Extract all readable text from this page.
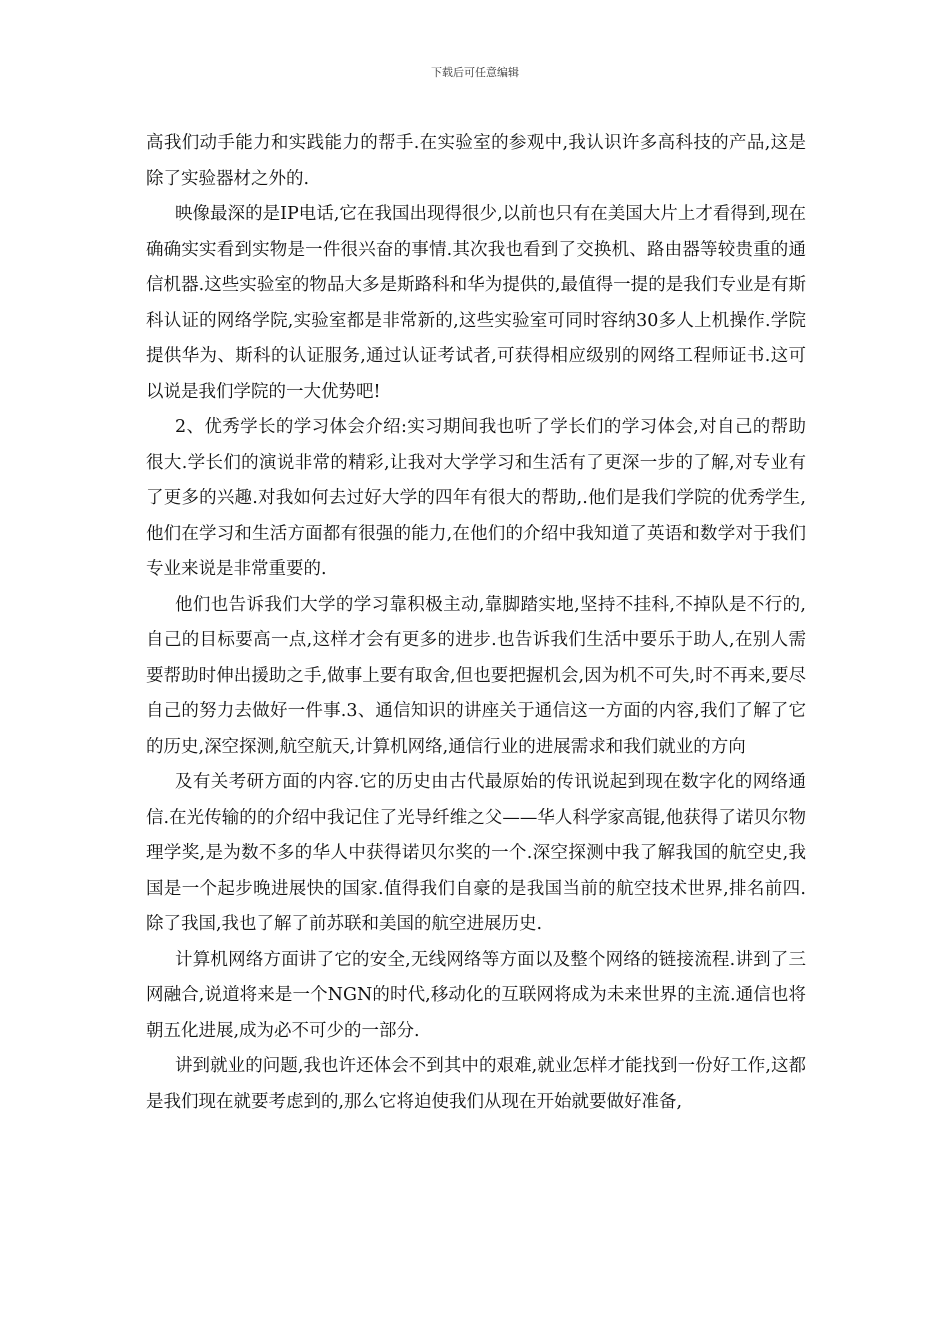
下载后可任意编辑

高我们动手能力和实践能力的帮手.在实验室的参观中,我认识许多高科技的产品,这是除了实验器材之外的.

映像最深的是IP电话,它在我国出现得很少,以前也只有在美国大片上才看得到,现在确确实实看到实物是一件很兴奋的事情.其次我也看到了交换机、路由器等较贵重的通信机器.这些实验室的物品大多是斯路科和华为提供的,最值得一提的是我们专业是有斯科认证的网络学院,实验室都是非常新的,这些实验室可同时容纳30多人上机操作.学院提供华为、斯科的认证服务,通过认证考试者,可获得相应级别的网络工程师证书.这可以说是我们学院的一大优势吧!

2、优秀学长的学习体会介绍:实习期间我也听了学长们的学习体会,对自己的帮助很大.学长们的演说非常的精彩,让我对大学学习和生活有了更深一步的了解,对专业有了更多的兴趣.对我如何去过好大学的四年有很大的帮助,.他们是我们学院的优秀学生,他们在学习和生活方面都有很强的能力,在他们的介绍中我知道了英语和数学对于我们专业来说是非常重要的.

他们也告诉我们大学的学习靠积极主动,靠脚踏实地,坚持不挂科,不掉队是不行的,自己的目标要高一点,这样才会有更多的进步.也告诉我们生活中要乐于助人,在别人需要帮助时伸出援助之手,做事上要有取舍,但也要把握机会,因为机不可失,时不再来,要尽自己的努力去做好一件事.3、通信知识的讲座关于通信这一方面的内容,我们了解了它的历史,深空探测,航空航天,计算机网络,通信行业的进展需求和我们就业的方向

及有关考研方面的内容.它的历史由古代最原始的传讯说起到现在数字化的网络通信.在光传输的的介绍中我记住了光导纤维之父——华人科学家高锟,他获得了诺贝尔物理学奖,是为数不多的华人中获得诺贝尔奖的一个.深空探测中我了解我国的航空史,我国是一个起步晚进展快的国家.值得我们自豪的是我国当前的航空技术世界,排名前四.除了我国,我也了解了前苏联和美国的航空进展历史.

计算机网络方面讲了它的安全,无线网络等方面以及整个网络的链接流程.讲到了三网融合,说道将来是一个NGN的时代,移动化的互联网将成为未来世界的主流.通信也将朝五化进展,成为必不可少的一部分.

讲到就业的问题,我也许还体会不到其中的艰难,就业怎样才能找到一份好工作,这都是我们现在就要考虑到的,那么它将迫使我们从现在开始就要做好准备,
